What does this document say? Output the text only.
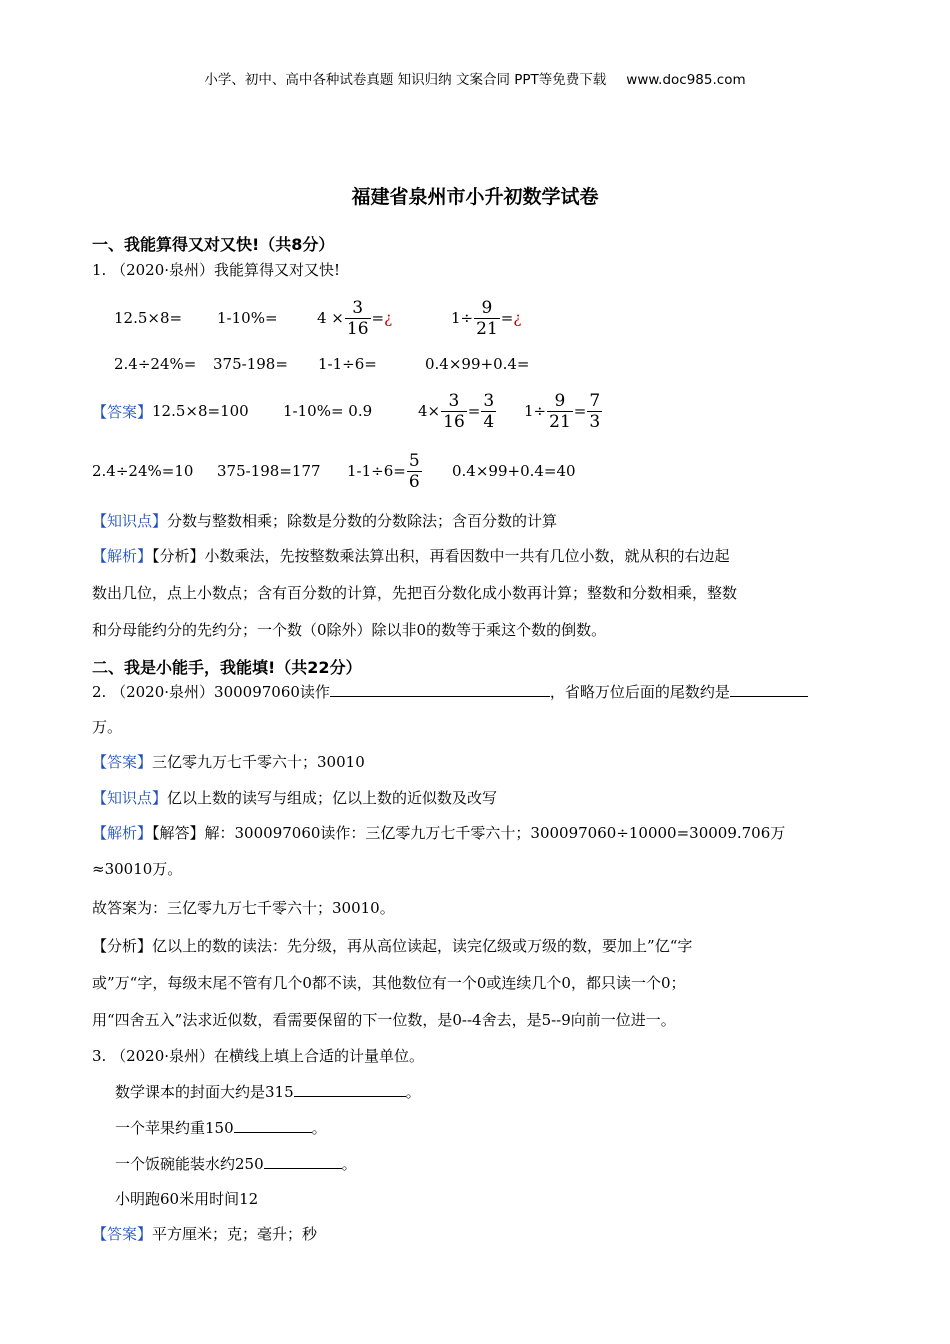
小学、初中、高中各种试卷真题 知识归纳 文案合同 PPT等免费下载 www.doc985.com
福建省泉州市小升初数学试卷
一、我能算得又对又快!（共8分）
1. （2020·泉州）我能算得又对又快!
12.5×8= 1-10%=	$4 \times \frac{3}{16}$ = ¿	$1\div \frac{9}{21}$ = ¿
2.4÷24%= 375-198= 1-1÷6=	0.4×99+0.4=
【答案】 12.5×8=100 1-10%= 0.9	$4\times \frac{3}{16} = \frac{3}{4} 1\div \frac{9}{21} = \frac{7}{3}$
2.4÷24%=10 375-198=177 $1-1\div 6= \frac{5}{6} 0.4\times 99+0.4=40$
【知识点】分数与整数相乘；除数是分数的分数除法；含百分数的计算
【解析】【分析】小数乘法，先按整数乘法算出积，再看因数中一共有几位小数，就从积的右边起
数出几位，点上小数点；含有百分数的计算，先把百分数化成小数再计算；整数和分数相乘，整数
和分母能约分的先约分；一个数（0除外）除以非0的数等于乘这个数的倒数。
二、我是小能手，我能填!（共22分）
2. （2020·泉州）300097060读作	，省略万位后面的尾数约是
万。
【答案】三亿零九万七千零六十；30010
【知识点】亿以上数的读写与组成；亿以上数的近似数及改写
【解析】【解答】解：300097060读作：三亿零九万七千零六十；300097060÷10000=30009.706万
≈30010万。
故答案为：三亿零九万七千零六十；30010。
【分析】亿以上的数的读法：先分级，再从高位读起，读完亿级或万级的数，要加上”亿“字
或”万“字，每级末尾不管有几个0都不读，其他数位有一个0或连续几个0，都只读一个0；
用“四舍五入”法求近似数，看需要保留的下一位数，是0--4舍去，是5--9向前一位进一。
3. （2020·泉州）在横线上填上合适的计量单位。
数学课本的封面大约是315	。
一个苹果约重150	。
一个饭碗能装水约250	。
小明跑60米用时间12
【答案】平方厘米；克；毫升；秒
